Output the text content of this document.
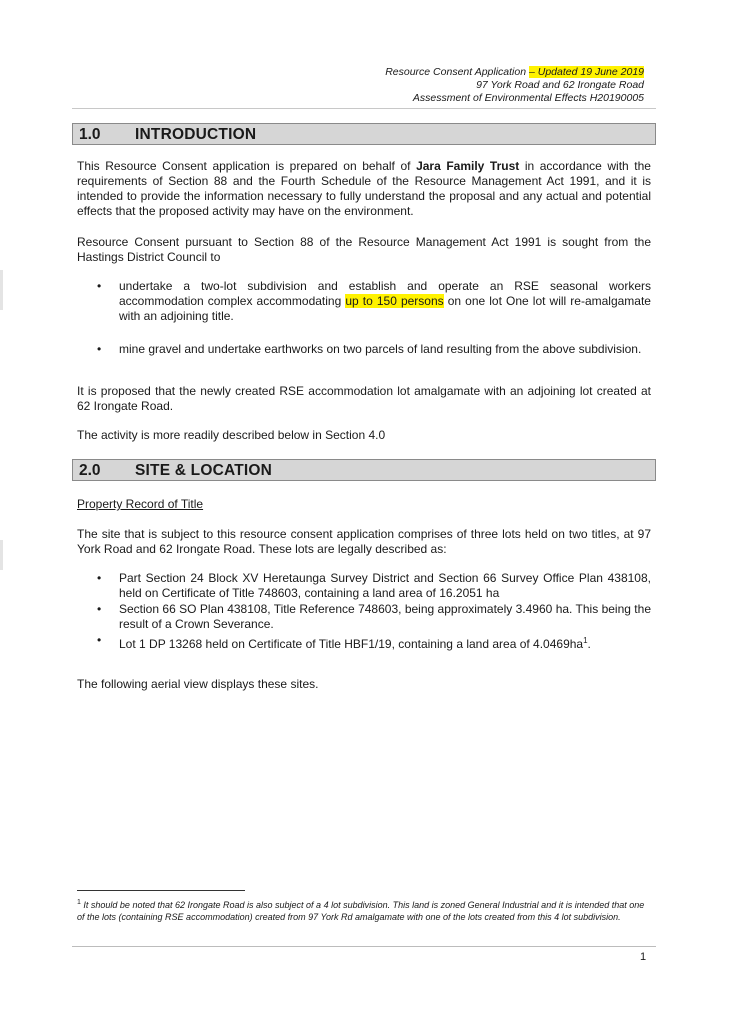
Resource Consent Application – Updated 19 June 2019
97 York Road and 62 Irongate Road
Assessment of Environmental Effects H20190005
1.0 INTRODUCTION
This Resource Consent application is prepared on behalf of Jara Family Trust in accordance with the requirements of Section 88 and the Fourth Schedule of the Resource Management Act 1991, and it is intended to provide the information necessary to fully understand the proposal and any actual and potential effects that the proposed activity may have on the environment.
Resource Consent pursuant to Section 88 of the Resource Management Act 1991 is sought from the Hastings District Council to
• undertake a two-lot subdivision and establish and operate an RSE seasonal workers accommodation complex accommodating up to 150 persons on one lot One lot will re-amalgamate with an adjoining title.
• mine gravel and undertake earthworks on two parcels of land resulting from the above subdivision.
It is proposed that the newly created RSE accommodation lot amalgamate with an adjoining lot created at 62 Irongate Road.
The activity is more readily described below in Section 4.0
2.0 SITE & LOCATION
Property Record of Title
The site that is subject to this resource consent application comprises of three lots held on two titles, at 97 York Road and 62 Irongate Road. These lots are legally described as:
• Part Section 24 Block XV Heretaunga Survey District and Section 66 Survey Office Plan 438108, held on Certificate of Title 748603, containing a land area of 16.2051 ha
• Section 66 SO Plan 438108, Title Reference 748603, being approximately 3.4960 ha. This being the result of a Crown Severance.
• Lot 1 DP 13268 held on Certificate of Title HBF1/19, containing a land area of $4.0469ha^1$.
The following aerial view displays these sites.
$^1$ It should be noted that 62 Irongate Road is also subject of a 4 lot subdivision. This land is zoned General Industrial and it is intended that one of the lots (containing RSE accommodation) created from 97 York Rd amalgamate with one of the lots created from this 4 lot subdivision.
1
